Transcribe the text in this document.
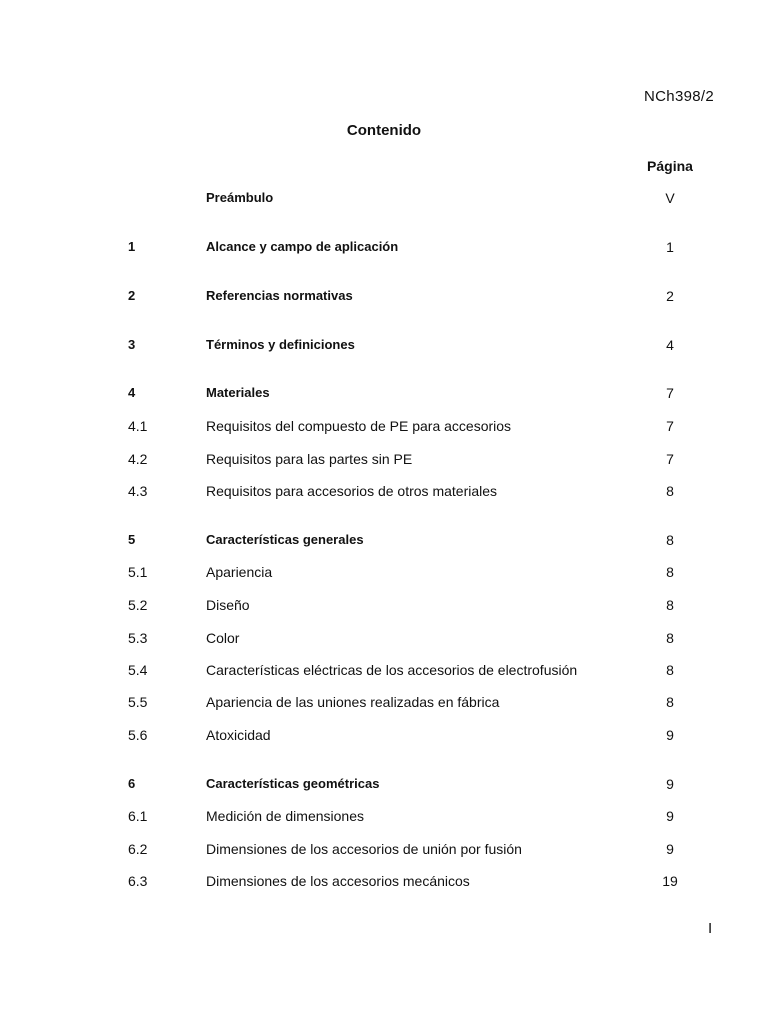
NCh398/2
Contenido
Página
Preámbulo	V
1	Alcance y campo de aplicación	1
2	Referencias normativas	2
3	Términos y definiciones	4
4	Materiales	7
4.1	Requisitos del compuesto de PE para accesorios	7
4.2	Requisitos para las partes sin PE	7
4.3	Requisitos para accesorios de otros materiales	8
5	Características generales	8
5.1	Apariencia	8
5.2	Diseño	8
5.3	Color	8
5.4	Características eléctricas de los accesorios de electrofusión	8
5.5	Apariencia de las uniones realizadas en fábrica	8
5.6	Atoxicidad	9
6	Características geométricas	9
6.1	Medición de dimensiones	9
6.2	Dimensiones de los accesorios de unión por fusión	9
6.3	Dimensiones de los accesorios mecánicos	19
I
